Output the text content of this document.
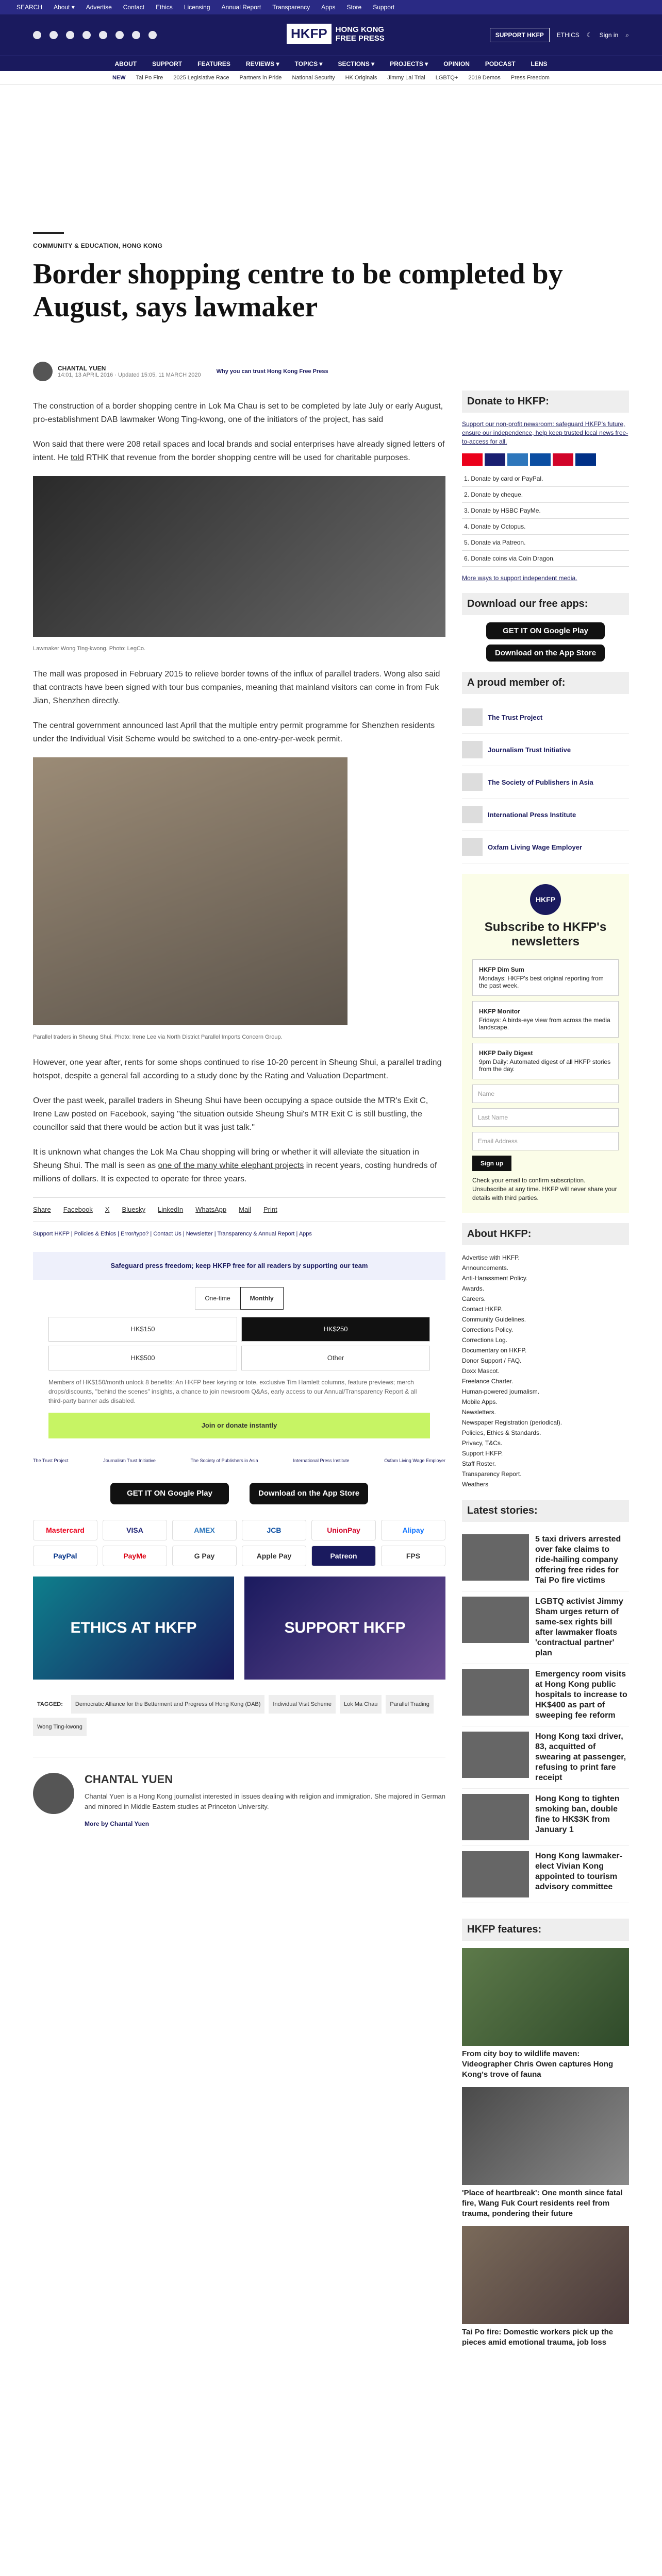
SEARCH About ▾ Advertise Contact Ethics Licensing Annual Report Transparency Apps Store Support
HKFP	HONG KONG
FREE PRESS	SUPPORT HKFP	ETHICS ☾ Sign in ⌕
ABOUT	SUPPORT	FEATURES	REVIEWS ▾	TOPICS ▾	SECTIONS ▾	PROJECTS ▾	OPINION	PODCAST	LENS
NEW Tai Po Fire 2025 Legislative Race Partners in Pride National Security HK Originals Jimmy Lai Trial LGBTQ+ 2019 Demos Press Freedom
COMMUNITY & EDUCATION, HONG KONG
Border shopping centre to be completed by August, says lawmaker
CHANTAL YUEN
14:01, 13 APRIL 2016 · Updated 15:05, 11 MARCH 2020
Why you can trust Hong Kong Free Press

The construction of a border shopping centre in Lok Ma Chau is set to be completed by late July or early August, pro-establishment DAB lawmaker Wong Ting-kwong, one of the initiators of the project, has said

Won said that there were 208 retail spaces and local brands and social enterprises have already signed letters of intent. He told RTHK that revenue from the border shopping centre will be used for charitable purposes.

Lawmaker Wong Ting-kwong. Photo: LegCo.

The mall was proposed in February 2015 to relieve border towns of the influx of parallel traders. Wong also said that contracts have been signed with tour bus companies, meaning that mainland visitors can come in from Fuk Jian, Shenzhen directly.

The central government announced last April that the multiple entry permit programme for Shenzhen residents under the Individual Visit Scheme would be switched to a one-entry-per-week permit.

Parallel traders in Sheung Shui. Photo: Irene Lee via North District Parallel Imports Concern Group.

However, one year after, rents for some shops continued to rise 10-20 percent in Sheung Shui, a parallel trading hotspot, despite a general fall according to a study done by the Rating and Valuation Department.

Over the past week, parallel traders in Sheung Shui have been occupying a space outside the MTR's Exit C, Irene Law posted on Facebook, saying "the situation outside Sheung Shui's MTR Exit C is still bustling, the councillor said that there would be action but it was just talk."

It is unknown what changes the Lok Ma Chau shopping will bring or whether it will alleviate the situation in Sheung Shui. The mall is seen as one of the many white elephant projects in recent years, costing hundreds of millions of dollars. It is expected to operate for three years.

Share Facebook X Bluesky LinkedIn WhatsApp Mail Print
Support HKFP | Policies & Ethics | Error/typo? | Contact Us | Newsletter | Transparency & Annual Report | Apps
Safeguard press freedom; keep HKFP free for all readers by supporting our team
One-time	Monthly
HK$150	HK$250
HK$500	Other
Members of HK$150/month unlock 8 benefits: An HKFP beer keyring or tote, exclusive Tim Hamlett columns, feature previews; merch drops/discounts, "behind the scenes" insights, a chance to join newsroom Q&As, early access to our Annual/Transparency Report & all third-party banner ads disabled.
Join or donate instantly
The Trust Project	Journalism Trust Initiative	The Society of Publishers in Asia	International Press Institute	Oxfam Living Wage Employer
GET IT ON Google Play	Download on the App Store
Mastercard	VISA	AMEX	JCB	UnionPay	Alipay
PayPal	PayMe	G Pay	Apple Pay	Patreon	FPS
ETHICS AT HKFP	SUPPORT HKFP
TAGGED:	Democratic Alliance for the Betterment and Progress of Hong Kong (DAB)	Individual Visit Scheme	Lok Ma Chau	Parallel Trading
Wong Ting-kwong
CHANTAL YUEN
Chantal Yuen is a Hong Kong journalist interested in issues dealing with religion and immigration. She majored in German and minored in Middle Eastern studies at Princeton University.
More by Chantal Yuen
Donate to HKFP:
Support our non-profit newsroom: safeguard HKFP's future, ensure our independence, help keep trusted local news free-to-access for all.
1. Donate by card or PayPal.
2. Donate by cheque.
3. Donate by HSBC PayMe.
4. Donate by Octopus.
5. Donate via Patreon.
6. Donate coins via Coin Dragon.
More ways to support independent media.
Download our free apps:
GET IT ON Google Play
Download on the App Store
A proud member of:
The Trust Project
Journalism Trust Initiative
The Society of Publishers in Asia
International Press Institute
Oxfam Living Wage Employer
HKFP
Subscribe to HKFP's newsletters
HKFP Dim Sum
Mondays: HKFP's best original reporting from the past week.
HKFP Monitor
Fridays: A birds-eye view from across the media landscape.
HKFP Daily Digest
9pm Daily: Automated digest of all HKFP stories from the day.
Name
Last Name
Email Address
Sign up
Check your email to confirm subscription. Unsubscribe at any time. HKFP will never share your details with third parties.
About HKFP:
Advertise with HKFP.
Announcements.
Anti-Harassment Policy.
Awards.
Careers.
Contact HKFP.
Community Guidelines.
Corrections Policy.
Corrections Log.
Documentary on HKFP.
Donor Support / FAQ.
Doxx Mascot.
Freelance Charter.
Human-powered journalism.
Mobile Apps.
Newsletters.
Newspaper Registration (periodical).
Policies, Ethics & Standards.
Privacy, T&Cs.
Support HKFP.
Staff Roster.
Transparency Report.
Weathers
Latest stories:
5 taxi drivers arrested over fake claims to ride-hailing company offering free rides for Tai Po fire victims
LGBTQ activist Jimmy Sham urges return of same-sex rights bill after lawmaker floats 'contractual partner' plan
Emergency room visits at Hong Kong public hospitals to increase to HK$400 as part of sweeping fee reform
Hong Kong taxi driver, 83, acquitted of swearing at passenger, refusing to print fare receipt
Hong Kong to tighten smoking ban, double fine to HK$3K from January 1
Hong Kong lawmaker-elect Vivian Kong appointed to tourism advisory committee
HKFP features:
From city boy to wildlife maven: Videographer Chris Owen captures Hong Kong's trove of fauna
'Place of heartbreak': One month since fatal fire, Wang Fuk Court residents reel from trauma, pondering their future
Tai Po fire: Domestic workers pick up the pieces amid emotional trauma, job loss
